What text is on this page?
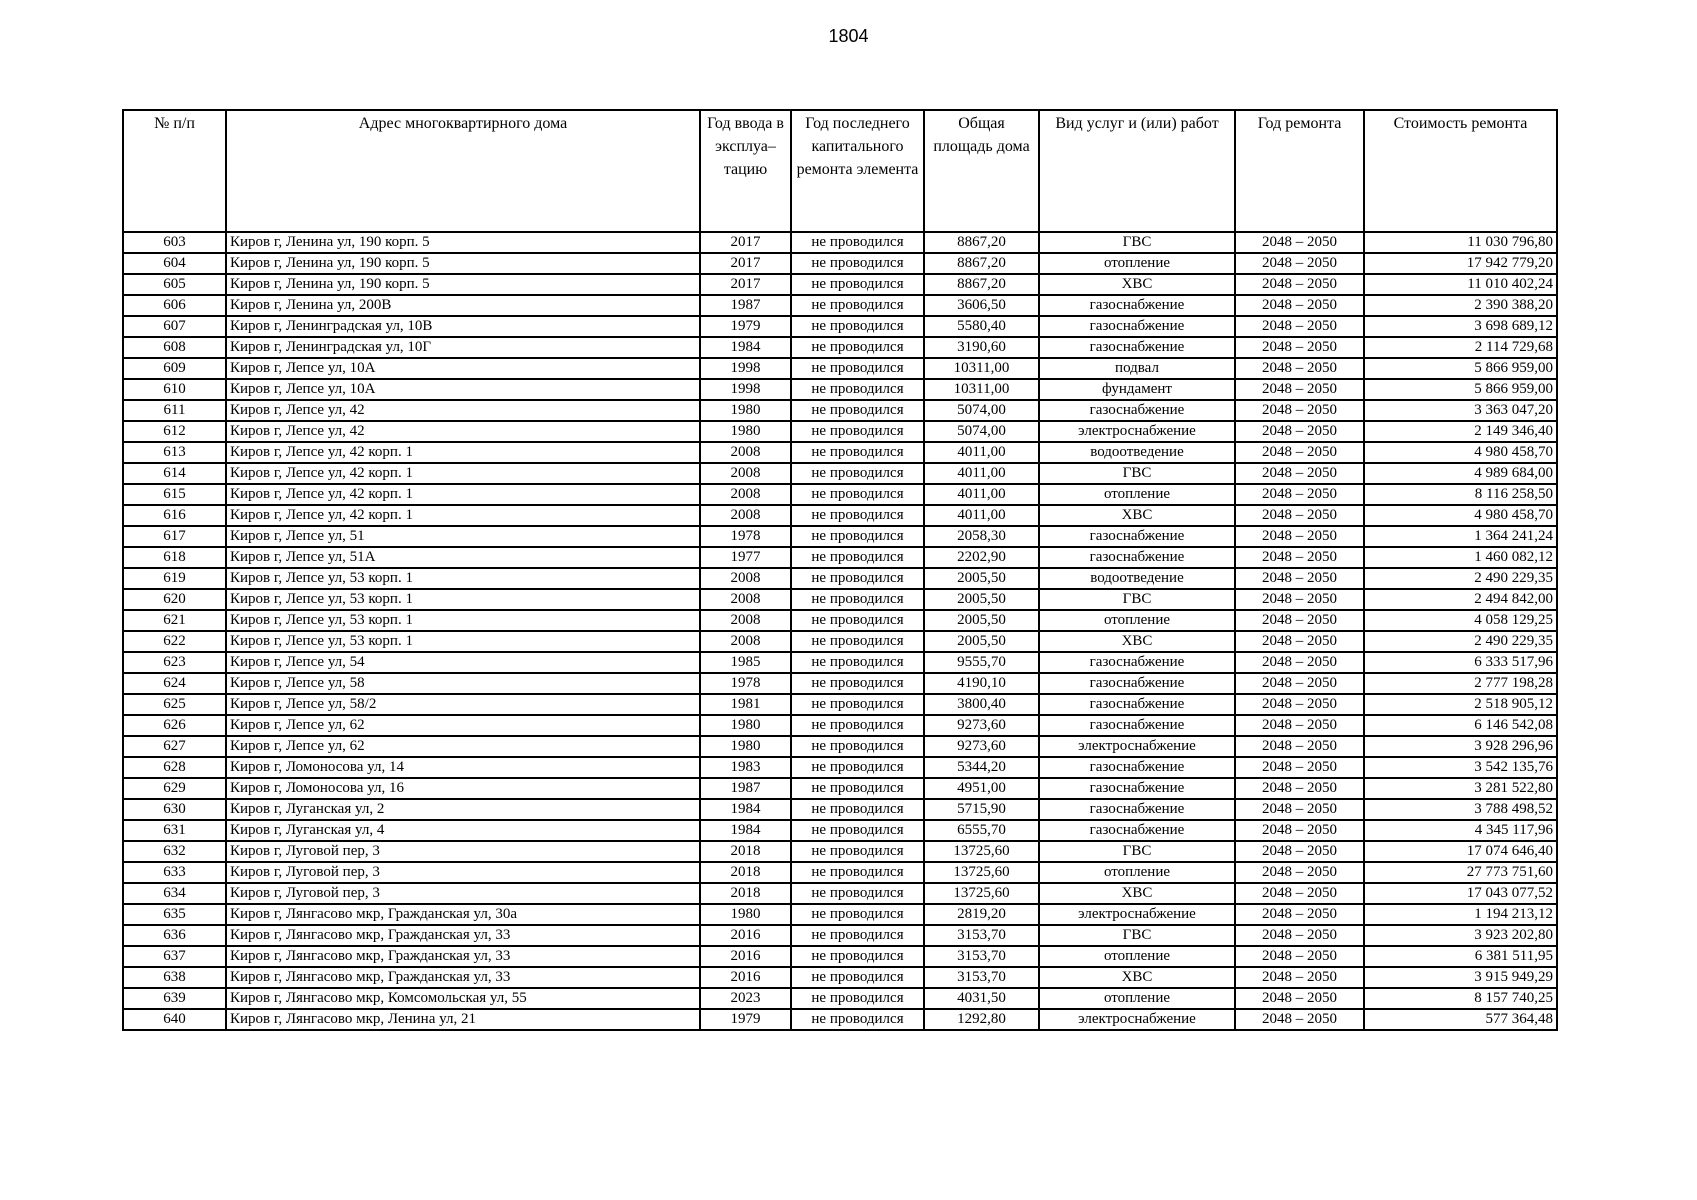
1804
№ п/п	Адрес многоквартирного дома	Год ввода в эксплуа– тацию	Год последнего капитального ремонта элемента	Общая площадь дома	Вид услуг и (или) работ	Год ремонта	Стоимость ремонта
603	Киров г, Ленина ул, 190 корп. 5	2017	не проводился	8867,20	ГВС	2048 – 2050	11 030 796,80
604	Киров г, Ленина ул, 190 корп. 5	2017	не проводился	8867,20	отопление	2048 – 2050	17 942 779,20
605	Киров г, Ленина ул, 190 корп. 5	2017	не проводился	8867,20	ХВС	2048 – 2050	11 010 402,24
606	Киров г, Ленина ул, 200В	1987	не проводился	3606,50	газоснабжение	2048 – 2050	2 390 388,20
607	Киров г, Ленинградская ул, 10В	1979	не проводился	5580,40	газоснабжение	2048 – 2050	3 698 689,12
608	Киров г, Ленинградская ул, 10Г	1984	не проводился	3190,60	газоснабжение	2048 – 2050	2 114 729,68
609	Киров г, Лепсе ул, 10А	1998	не проводился	10311,00	подвал	2048 – 2050	5 866 959,00
610	Киров г, Лепсе ул, 10А	1998	не проводился	10311,00	фундамент	2048 – 2050	5 866 959,00
611	Киров г, Лепсе ул, 42	1980	не проводился	5074,00	газоснабжение	2048 – 2050	3 363 047,20
612	Киров г, Лепсе ул, 42	1980	не проводился	5074,00	электроснабжение	2048 – 2050	2 149 346,40
613	Киров г, Лепсе ул, 42 корп. 1	2008	не проводился	4011,00	водоотведение	2048 – 2050	4 980 458,70
614	Киров г, Лепсе ул, 42 корп. 1	2008	не проводился	4011,00	ГВС	2048 – 2050	4 989 684,00
615	Киров г, Лепсе ул, 42 корп. 1	2008	не проводился	4011,00	отопление	2048 – 2050	8 116 258,50
616	Киров г, Лепсе ул, 42 корп. 1	2008	не проводился	4011,00	ХВС	2048 – 2050	4 980 458,70
617	Киров г, Лепсе ул, 51	1978	не проводился	2058,30	газоснабжение	2048 – 2050	1 364 241,24
618	Киров г, Лепсе ул, 51А	1977	не проводился	2202,90	газоснабжение	2048 – 2050	1 460 082,12
619	Киров г, Лепсе ул, 53 корп. 1	2008	не проводился	2005,50	водоотведение	2048 – 2050	2 490 229,35
620	Киров г, Лепсе ул, 53 корп. 1	2008	не проводился	2005,50	ГВС	2048 – 2050	2 494 842,00
621	Киров г, Лепсе ул, 53 корп. 1	2008	не проводился	2005,50	отопление	2048 – 2050	4 058 129,25
622	Киров г, Лепсе ул, 53 корп. 1	2008	не проводился	2005,50	ХВС	2048 – 2050	2 490 229,35
623	Киров г, Лепсе ул, 54	1985	не проводился	9555,70	газоснабжение	2048 – 2050	6 333 517,96
624	Киров г, Лепсе ул, 58	1978	не проводился	4190,10	газоснабжение	2048 – 2050	2 777 198,28
625	Киров г, Лепсе ул, 58/2	1981	не проводился	3800,40	газоснабжение	2048 – 2050	2 518 905,12
626	Киров г, Лепсе ул, 62	1980	не проводился	9273,60	газоснабжение	2048 – 2050	6 146 542,08
627	Киров г, Лепсе ул, 62	1980	не проводился	9273,60	электроснабжение	2048 – 2050	3 928 296,96
628	Киров г, Ломоносова ул, 14	1983	не проводился	5344,20	газоснабжение	2048 – 2050	3 542 135,76
629	Киров г, Ломоносова ул, 16	1987	не проводился	4951,00	газоснабжение	2048 – 2050	3 281 522,80
630	Киров г, Луганская ул, 2	1984	не проводился	5715,90	газоснабжение	2048 – 2050	3 788 498,52
631	Киров г, Луганская ул, 4	1984	не проводился	6555,70	газоснабжение	2048 – 2050	4 345 117,96
632	Киров г, Луговой пер, 3	2018	не проводился	13725,60	ГВС	2048 – 2050	17 074 646,40
633	Киров г, Луговой пер, 3	2018	не проводился	13725,60	отопление	2048 – 2050	27 773 751,60
634	Киров г, Луговой пер, 3	2018	не проводился	13725,60	ХВС	2048 – 2050	17 043 077,52
635	Киров г, Лянгасово мкр, Гражданская ул, 30а	1980	не проводился	2819,20	электроснабжение	2048 – 2050	1 194 213,12
636	Киров г, Лянгасово мкр, Гражданская ул, 33	2016	не проводился	3153,70	ГВС	2048 – 2050	3 923 202,80
637	Киров г, Лянгасово мкр, Гражданская ул, 33	2016	не проводился	3153,70	отопление	2048 – 2050	6 381 511,95
638	Киров г, Лянгасово мкр, Гражданская ул, 33	2016	не проводился	3153,70	ХВС	2048 – 2050	3 915 949,29
639	Киров г, Лянгасово мкр, Комсомольская ул, 55	2023	не проводился	4031,50	отопление	2048 – 2050	8 157 740,25
640	Киров г, Лянгасово мкр, Ленина ул, 21	1979	не проводился	1292,80	электроснабжение	2048 – 2050	577 364,48
